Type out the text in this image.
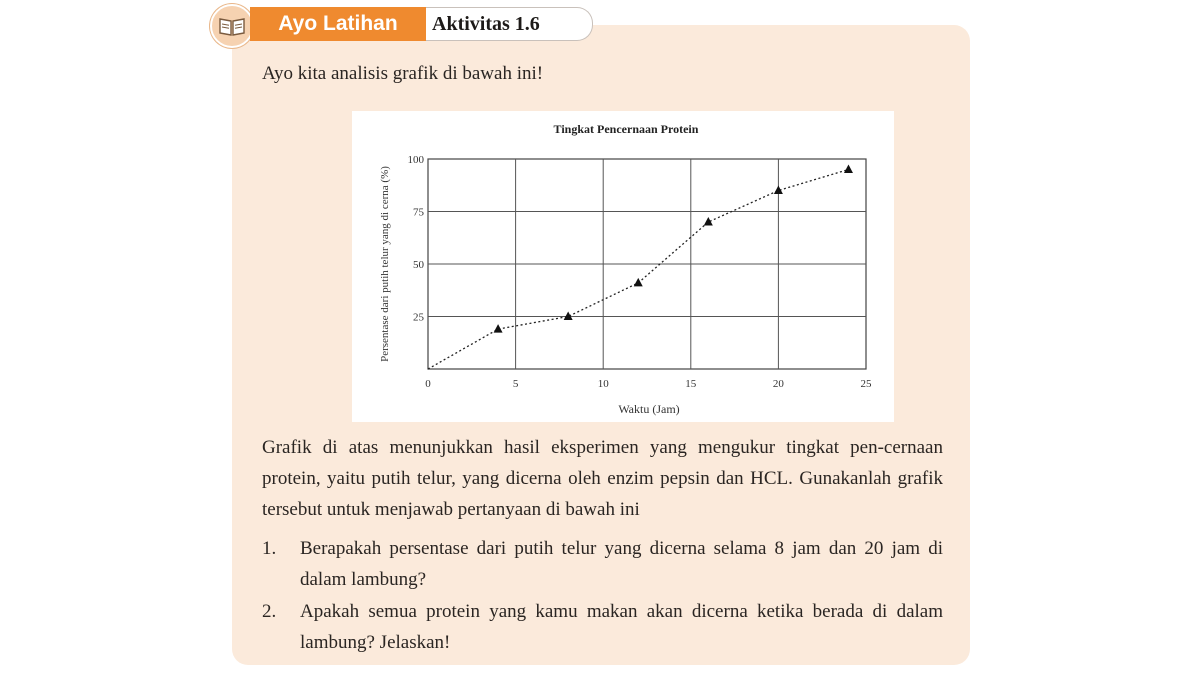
Ayo Latihan	Aktivitas 1.6
Ayo kita analisis grafik di bawah ini!
Tingkat Pencernaan Protein
0	5	10	15	20	25
25
50
75
100
Waktu (Jam)
Persentase dari putih telur yang di cerna (%)
Grafik di atas menunjukkan hasil eksperimen yang mengukur tingkat pen-cernaan protein, yaitu putih telur, yang dicerna oleh enzim pepsin dan HCL. Gunakanlah grafik tersebut untuk menjawab pertanyaan di bawah ini
1. Berapakah persentase dari putih telur yang dicerna selama 8 jam dan 20 jam di dalam lambung?
2. Apakah semua protein yang kamu makan akan dicerna ketika berada di dalam lambung? Jelaskan!
